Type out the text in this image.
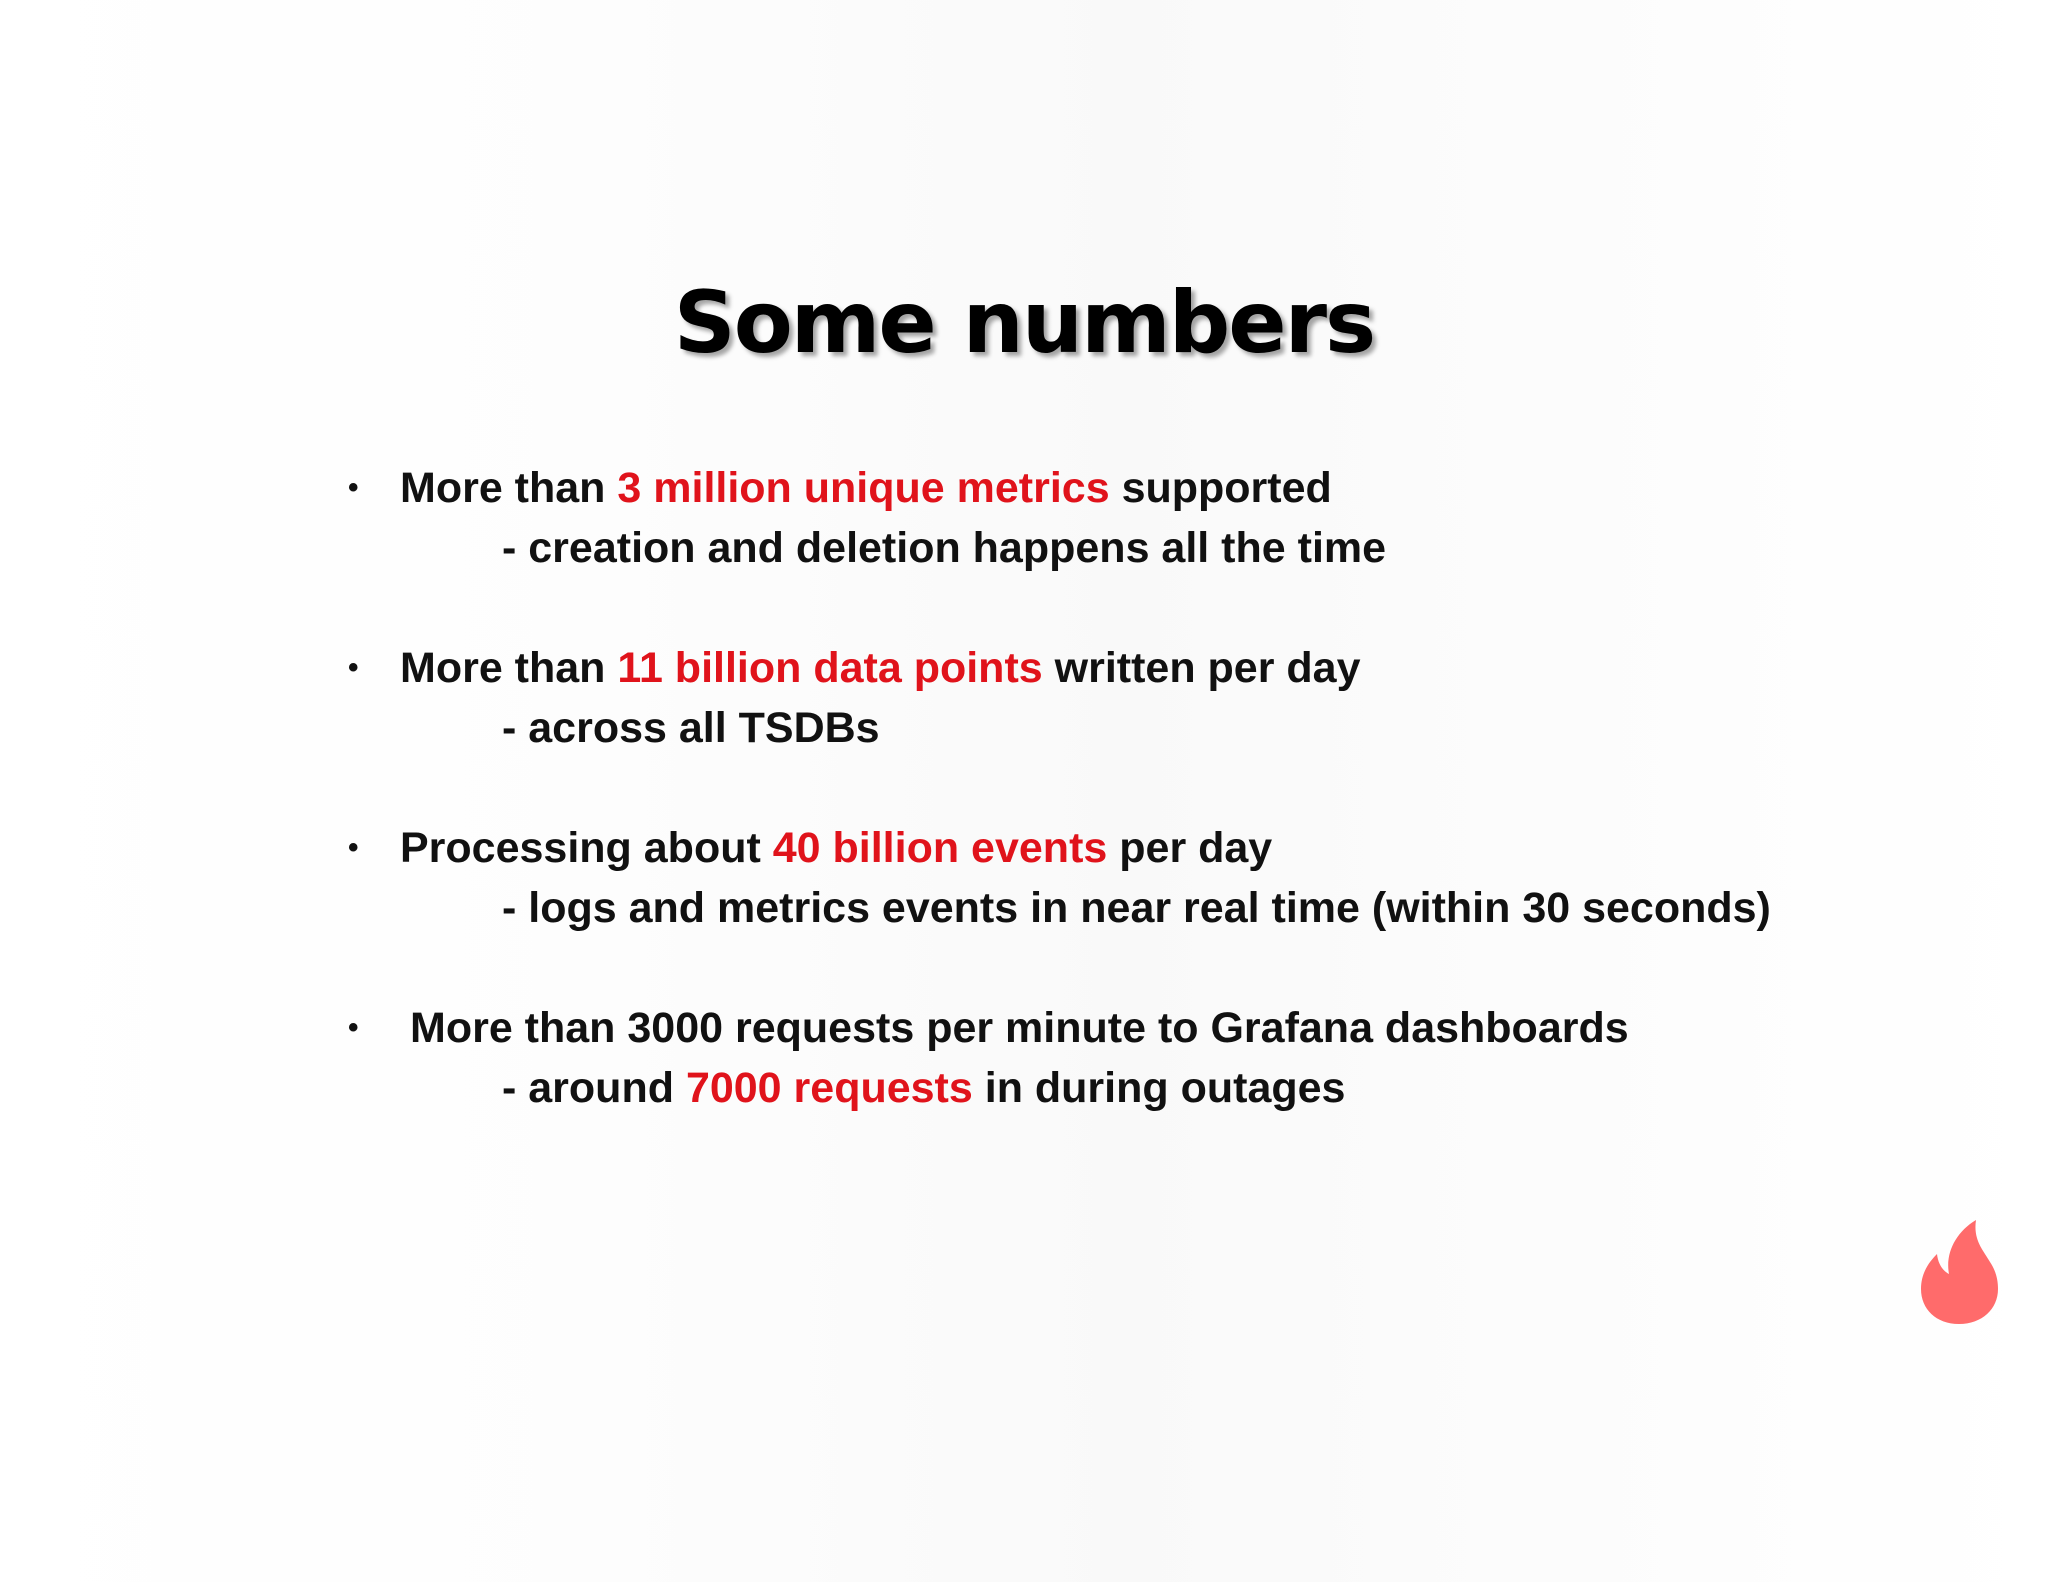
Some numbers
• More than 3 million unique metrics supported
- creation and deletion happens all the time
• More than 11 billion data points written per day
- across all TSDBs
• Processing about 40 billion events per day
- logs and metrics events in near real time (within 30 seconds)
• More than 3000 requests per minute to Grafana dashboards
- around 7000 requests in during outages
